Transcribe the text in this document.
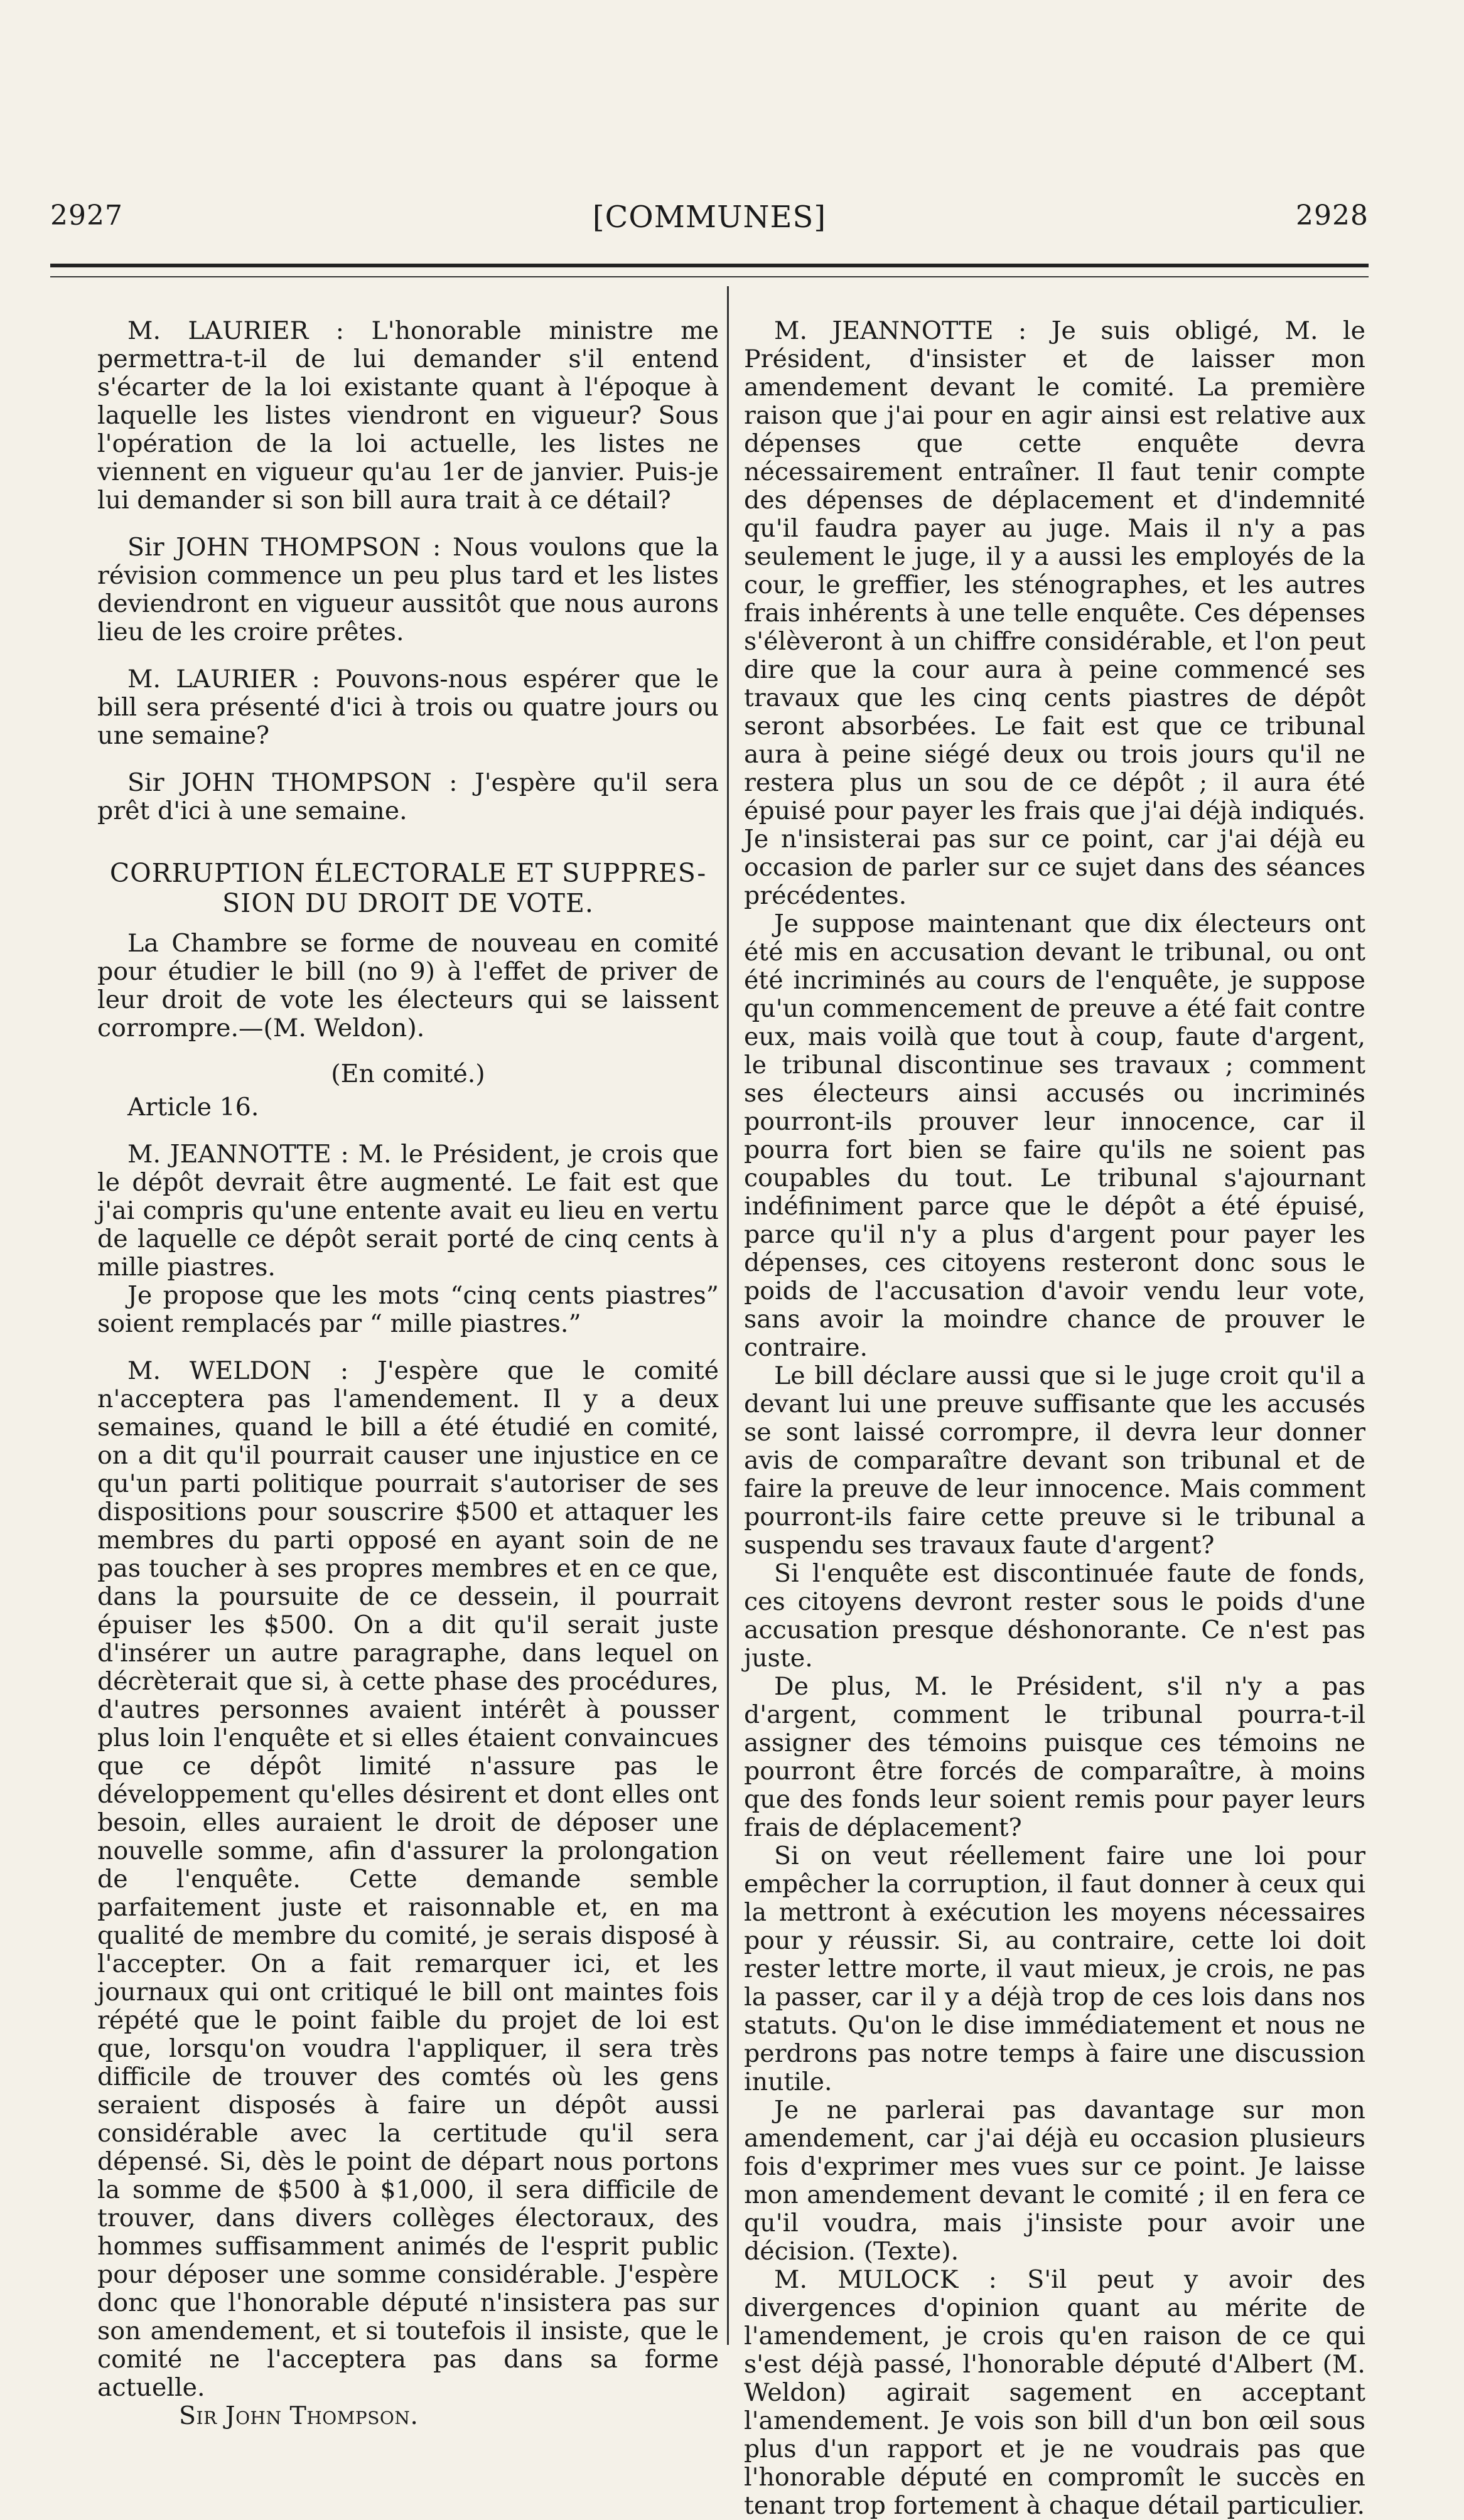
2927	[COMMUNES]	2928

M. LAURIER : L'honorable ministre me permettra-t-il de lui demander s'il entend s'écarter de la loi existante quant à l'époque à laquelle les listes viendront en vigueur? Sous l'opération de la loi actuelle, les listes ne viennent en vigueur qu'au 1er de janvier. Puis-je lui demander si son bill aura trait à ce détail?

Sir JOHN THOMPSON : Nous voulons que la révision commence un peu plus tard et les listes deviendront en vigueur aussitôt que nous aurons lieu de les croire prêtes.

M. LAURIER : Pouvons-nous espérer que le bill sera présenté d'ici à trois ou quatre jours ou une semaine?

Sir JOHN THOMPSON : J'espère qu'il sera prêt d'ici à une semaine.

CORRUPTION ÉLECTORALE ET SUPPRES-
SION DU DROIT DE VOTE.

La Chambre se forme de nouveau en comité pour étudier le bill (no 9) à l'effet de priver de leur droit de vote les électeurs qui se laissent corrompre.—(M. Weldon).

(En comité.)

Article 16.

M. JEANNOTTE : M. le Président, je crois que le dépôt devrait être augmenté. Le fait est que j'ai compris qu'une entente avait eu lieu en vertu de laquelle ce dépôt serait porté de cinq cents à mille piastres.

Je propose que les mots “cinq cents piastres” soient remplacés par “ mille piastres.”

M. WELDON : J'espère que le comité n'acceptera pas l'amendement. Il y a deux semaines, quand le bill a été étudié en comité, on a dit qu'il pourrait causer une injustice en ce qu'un parti politique pourrait s'autoriser de ses dispositions pour souscrire $500 et attaquer les membres du parti opposé en ayant soin de ne pas toucher à ses propres membres et en ce que, dans la poursuite de ce dessein, il pourrait épuiser les $500. On a dit qu'il serait juste d'insérer un autre paragraphe, dans lequel on décrèterait que si, à cette phase des procédures, d'autres personnes avaient intérêt à pousser plus loin l'enquête et si elles étaient convaincues que ce dépôt limité n'assure pas le développement qu'elles désirent et dont elles ont besoin, elles auraient le droit de déposer une nouvelle somme, afin d'assurer la prolongation de l'enquête. Cette demande semble parfaitement juste et raisonnable et, en ma qualité de membre du comité, je serais disposé à l'accepter. On a fait remarquer ici, et les journaux qui ont critiqué le bill ont maintes fois répété que le point faible du projet de loi est que, lorsqu'on voudra l'appliquer, il sera très difficile de trouver des comtés où les gens seraient disposés à faire un dépôt aussi considérable avec la certitude qu'il sera dépensé. Si, dès le point de départ nous portons la somme de $500 à $1,000, il sera difficile de trouver, dans divers collèges électoraux, des hommes suffisamment animés de l'esprit public pour déposer une somme considérable. J'espère donc que l'honorable député n'insistera pas sur son amendement, et si toutefois il insiste, que le comité ne l'acceptera pas dans sa forme actuelle.

Sir John Thompson.

M. JEANNOTTE : Je suis obligé, M. le Président, d'insister et de laisser mon amendement devant le comité. La première raison que j'ai pour en agir ainsi est relative aux dépenses que cette enquête devra nécessairement entraîner. Il faut tenir compte des dépenses de déplacement et d'indemnité qu'il faudra payer au juge. Mais il n'y a pas seulement le juge, il y a aussi les employés de la cour, le greffier, les sténographes, et les autres frais inhérents à une telle enquête. Ces dépenses s'élèveront à un chiffre considérable, et l'on peut dire que la cour aura à peine commencé ses travaux que les cinq cents piastres de dépôt seront absorbées. Le fait est que ce tribunal aura à peine siégé deux ou trois jours qu'il ne restera plus un sou de ce dépôt ; il aura été épuisé pour payer les frais que j'ai déjà indiqués. Je n'insisterai pas sur ce point, car j'ai déjà eu occasion de parler sur ce sujet dans des séances précédentes.

Je suppose maintenant que dix électeurs ont été mis en accusation devant le tribunal, ou ont été incriminés au cours de l'enquête, je suppose qu'un commencement de preuve a été fait contre eux, mais voilà que tout à coup, faute d'argent, le tribunal discontinue ses travaux ; comment ses électeurs ainsi accusés ou incriminés pourront-ils prouver leur innocence, car il pourra fort bien se faire qu'ils ne soient pas coupables du tout. Le tribunal s'ajournant indéfiniment parce que le dépôt a été épuisé, parce qu'il n'y a plus d'argent pour payer les dépenses, ces citoyens resteront donc sous le poids de l'accusation d'avoir vendu leur vote, sans avoir la moindre chance de prouver le contraire.

Le bill déclare aussi que si le juge croit qu'il a devant lui une preuve suffisante que les accusés se sont laissé corrompre, il devra leur donner avis de comparaître devant son tribunal et de faire la preuve de leur innocence. Mais comment pourront-ils faire cette preuve si le tribunal a suspendu ses travaux faute d'argent?

Si l'enquête est discontinuée faute de fonds, ces citoyens devront rester sous le poids d'une accusation presque déshonorante. Ce n'est pas juste.

De plus, M. le Président, s'il n'y a pas d'argent, comment le tribunal pourra-t-il assigner des témoins puisque ces témoins ne pourront être forcés de comparaître, à moins que des fonds leur soient remis pour payer leurs frais de déplacement?

Si on veut réellement faire une loi pour empêcher la corruption, il faut donner à ceux qui la mettront à exécution les moyens nécessaires pour y réussir. Si, au contraire, cette loi doit rester lettre morte, il vaut mieux, je crois, ne pas la passer, car il y a déjà trop de ces lois dans nos statuts. Qu'on le dise immédiatement et nous ne perdrons pas notre temps à faire une discussion inutile.

Je ne parlerai pas davantage sur mon amendement, car j'ai déjà eu occasion plusieurs fois d'exprimer mes vues sur ce point. Je laisse mon amendement devant le comité ; il en fera ce qu'il voudra, mais j'insiste pour avoir une décision. (Texte).

M. MULOCK : S'il peut y avoir des divergences d'opinion quant au mérite de l'amendement, je crois qu'en raison de ce qui s'est déjà passé, l'honorable député d'Albert (M. Weldon) agirait sagement en acceptant l'amendement. Je vois son bill d'un bon œil sous plus d'un rapport et je ne voudrais pas que l'honorable député en compromît le succès en tenant trop fortement à chaque détail particulier.
